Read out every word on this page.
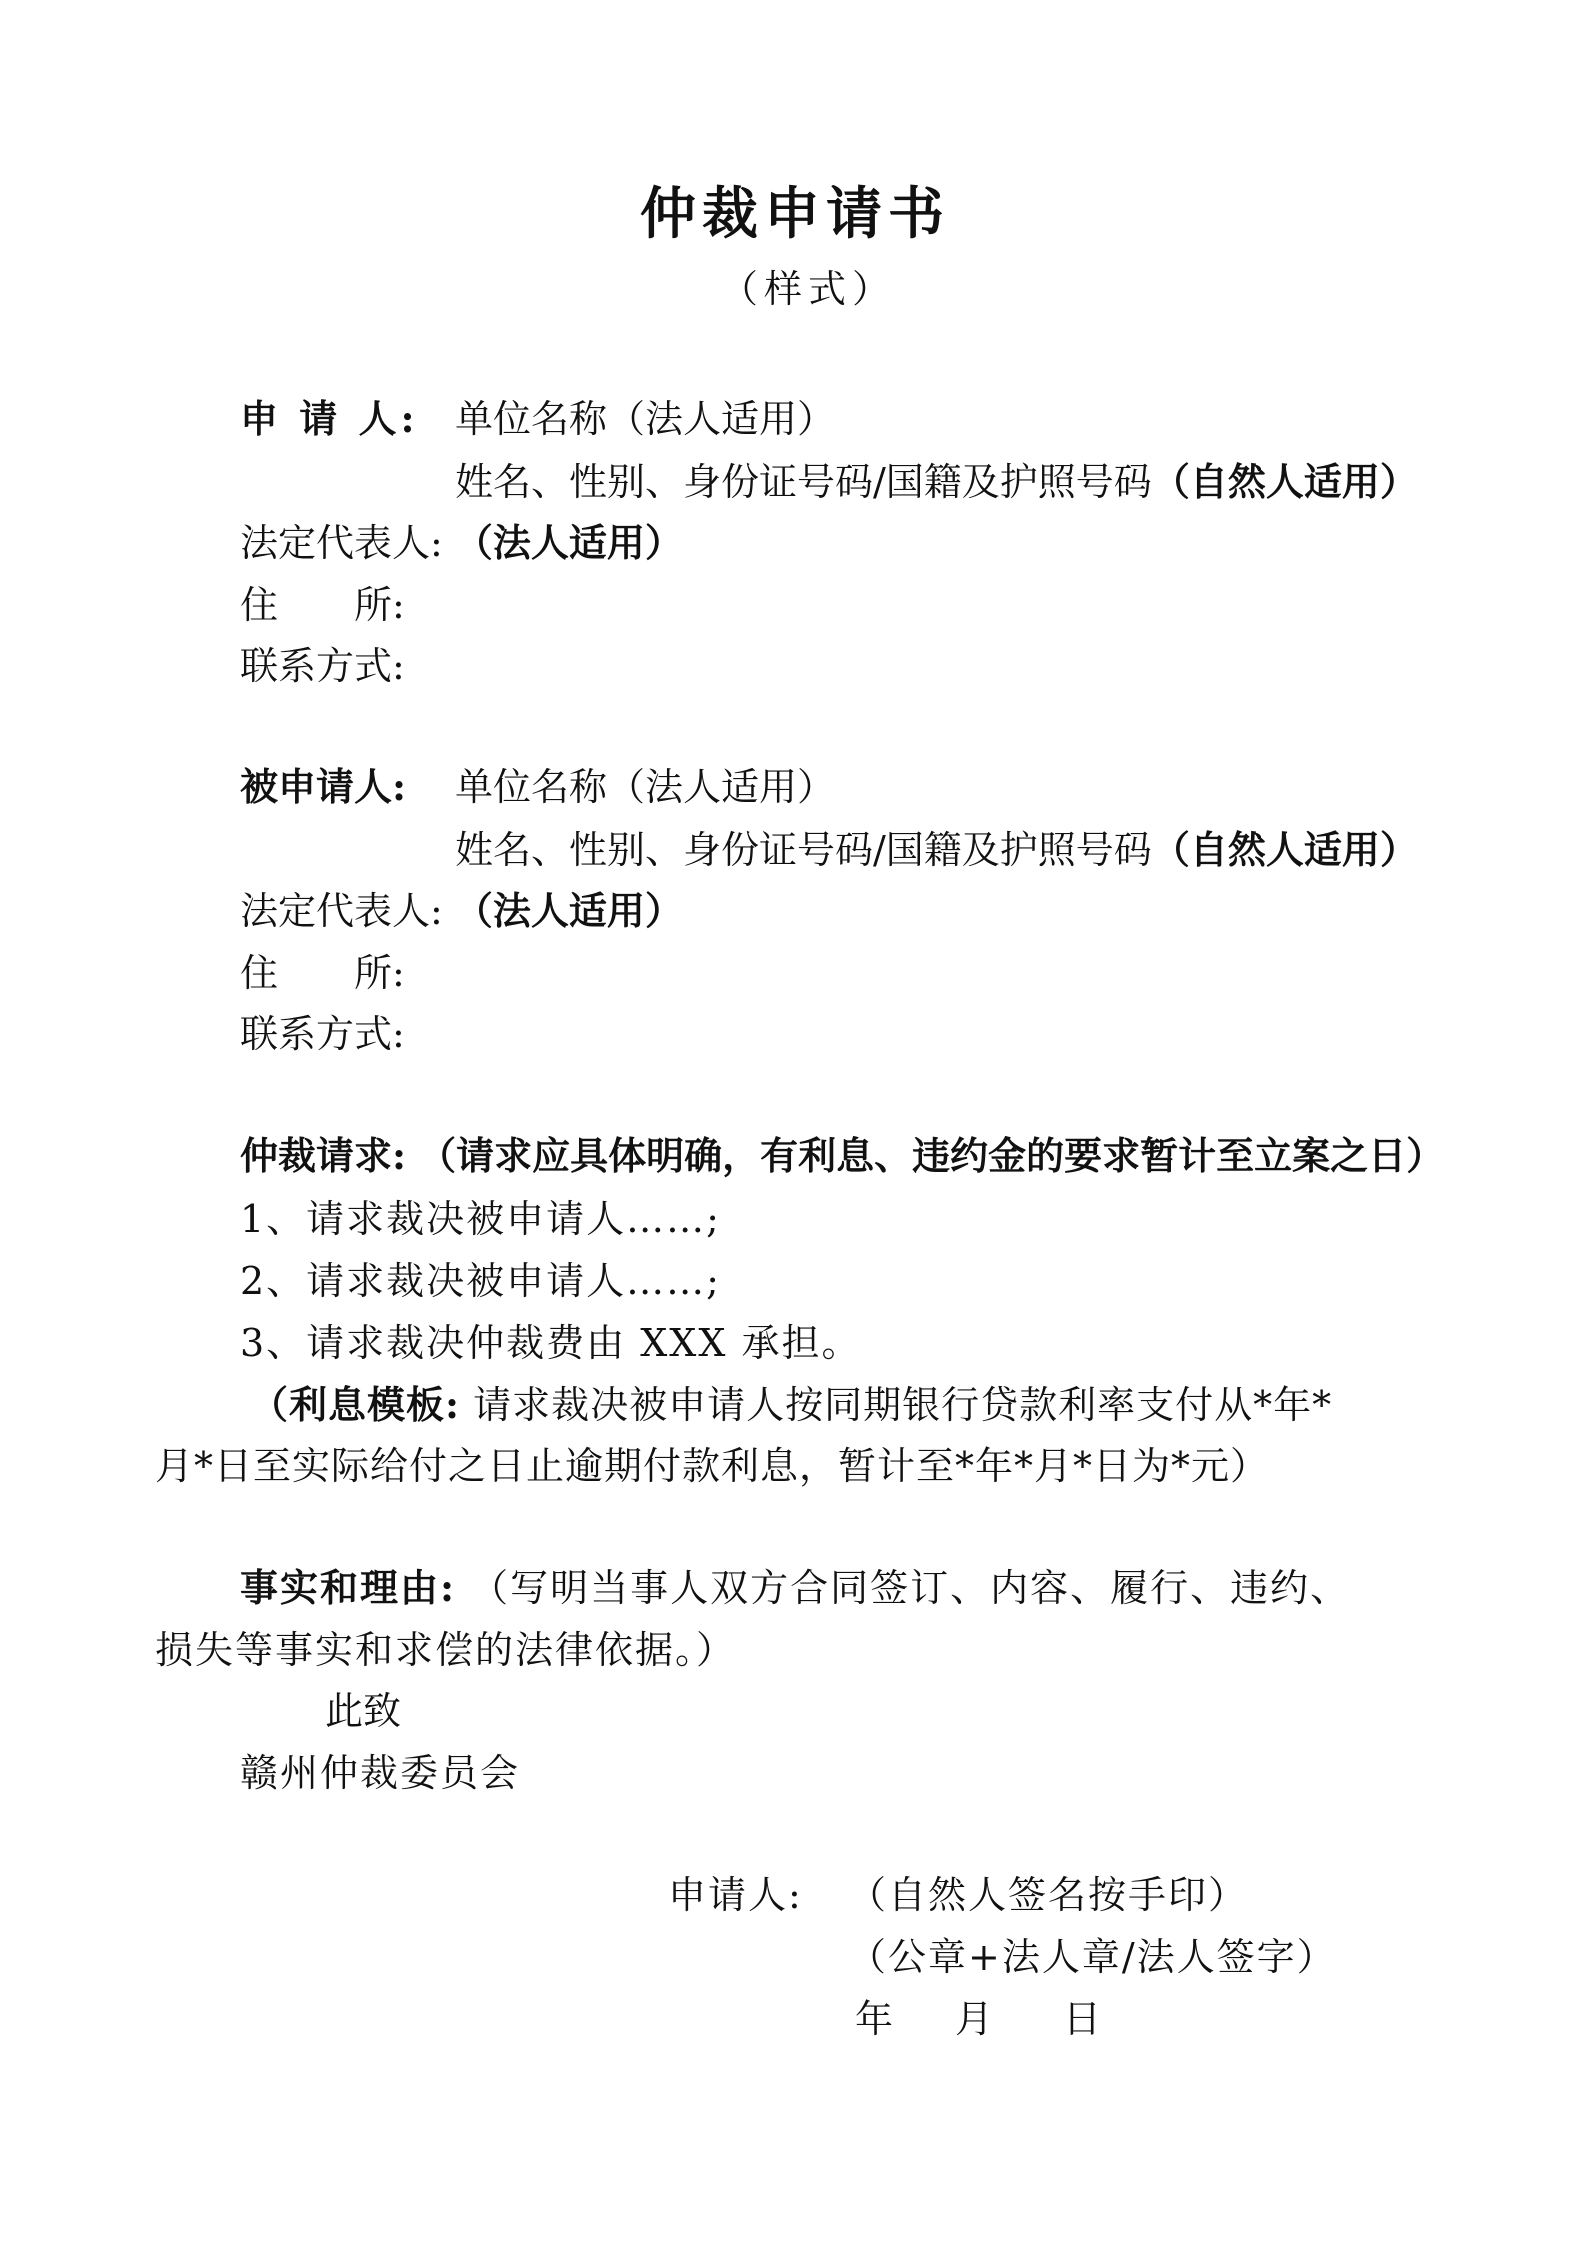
仲裁申请书
（样式）
申 请 人: 单位名称（法人适用）
姓名、性别、身份证号码/国籍及护照号码（自然人适用）
法定代表人: （法人适用）
住　　所:
联系方式:
被申请人: 单位名称（法人适用）
姓名、性别、身份证号码/国籍及护照号码（自然人适用）
法定代表人: （法人适用）
住　　所:
联系方式:
仲裁请求: （请求应具体明确，有利息、违约金的要求暂计至立案之日）
1、请求裁决被申请人……;
2、请求裁决被申请人……;
3、请求裁决仲裁费由 XXX 承担。
（利息模板: 请求裁决被申请人按同期银行贷款利率支付从*年*
月*日至实际给付之日止逾期付款利息，暂计至*年*月*日为*元）
事实和理由: （写明当事人双方合同签订、内容、履行、违约、
损失等事实和求偿的法律依据。）
此致
赣州仲裁委员会
申请人: （自然人签名按手印）
（公章+法人章/法人签字）
年 月 日
